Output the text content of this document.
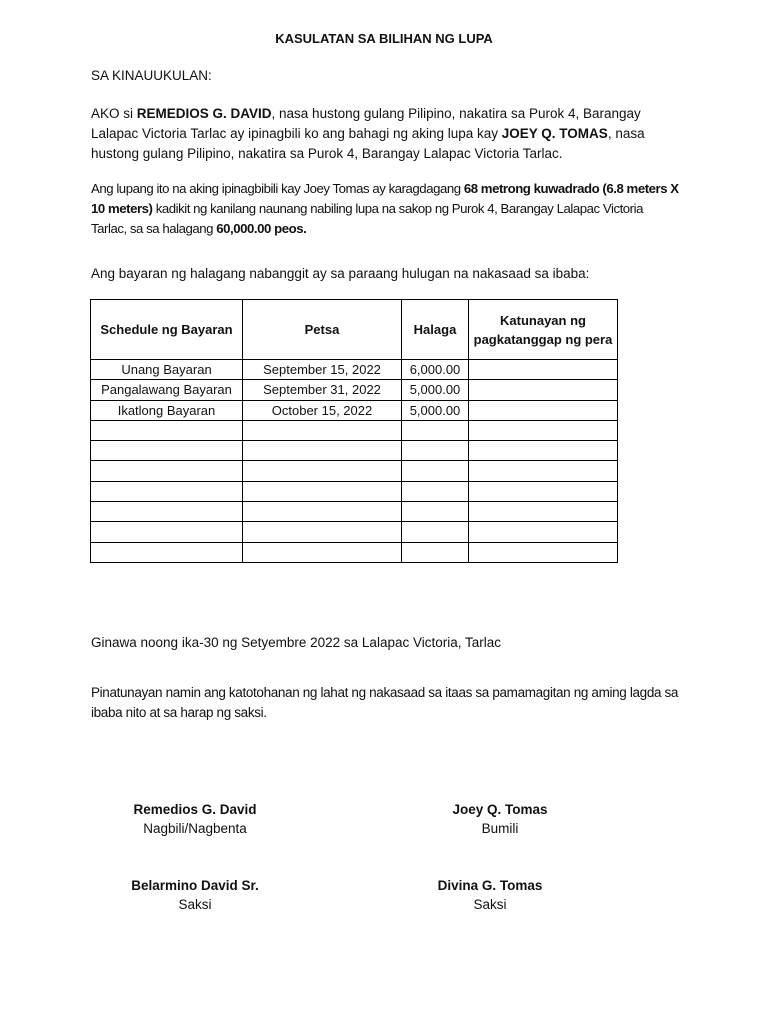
KASULATAN SA BILIHAN NG LUPA
SA KINAUUKULAN:
AKO si REMEDIOS G. DAVID, nasa hustong gulang Pilipino, nakatira sa Purok 4, Barangay Lalapac Victoria Tarlac ay ipinagbili ko ang bahagi ng aking lupa kay JOEY Q. TOMAS, nasa hustong gulang Pilipino, nakatira sa Purok 4, Barangay Lalapac Victoria Tarlac.
Ang lupang ito na aking ipinagbibili kay Joey Tomas ay karagdagang 68 metrong kuwadrado (6.8 meters X 10 meters) kadikit ng kanilang naunang nabiling lupa na sakop ng Purok 4, Barangay Lalapac Victoria Tarlac, sa sa halagang 60,000.00 peos.
Ang bayaran ng halagang nabanggit ay sa paraang hulugan na nakasaad sa ibaba:
Schedule ng Bayaran	Petsa	Halaga	Katunayan ng pagkatanggap ng pera
Unang Bayaran	September 15, 2022	6,000.00	
Pangalawang Bayaran	September 31, 2022	5,000.00	
Ikatlong Bayaran	October 15, 2022	5,000.00	

Ginawa noong ika-30 ng Setyembre 2022 sa Lalapac Victoria, Tarlac
Pinatunayan namin ang katotohanan ng lahat ng nakasaad sa itaas sa pamamagitan ng aming lagda sa ibaba nito at sa harap ng saksi.
Remedios G. David
Nagbili/Nagbenta
Joey Q. Tomas
Bumili
Belarmino David Sr.
Saksi
Divina G. Tomas
Saksi
